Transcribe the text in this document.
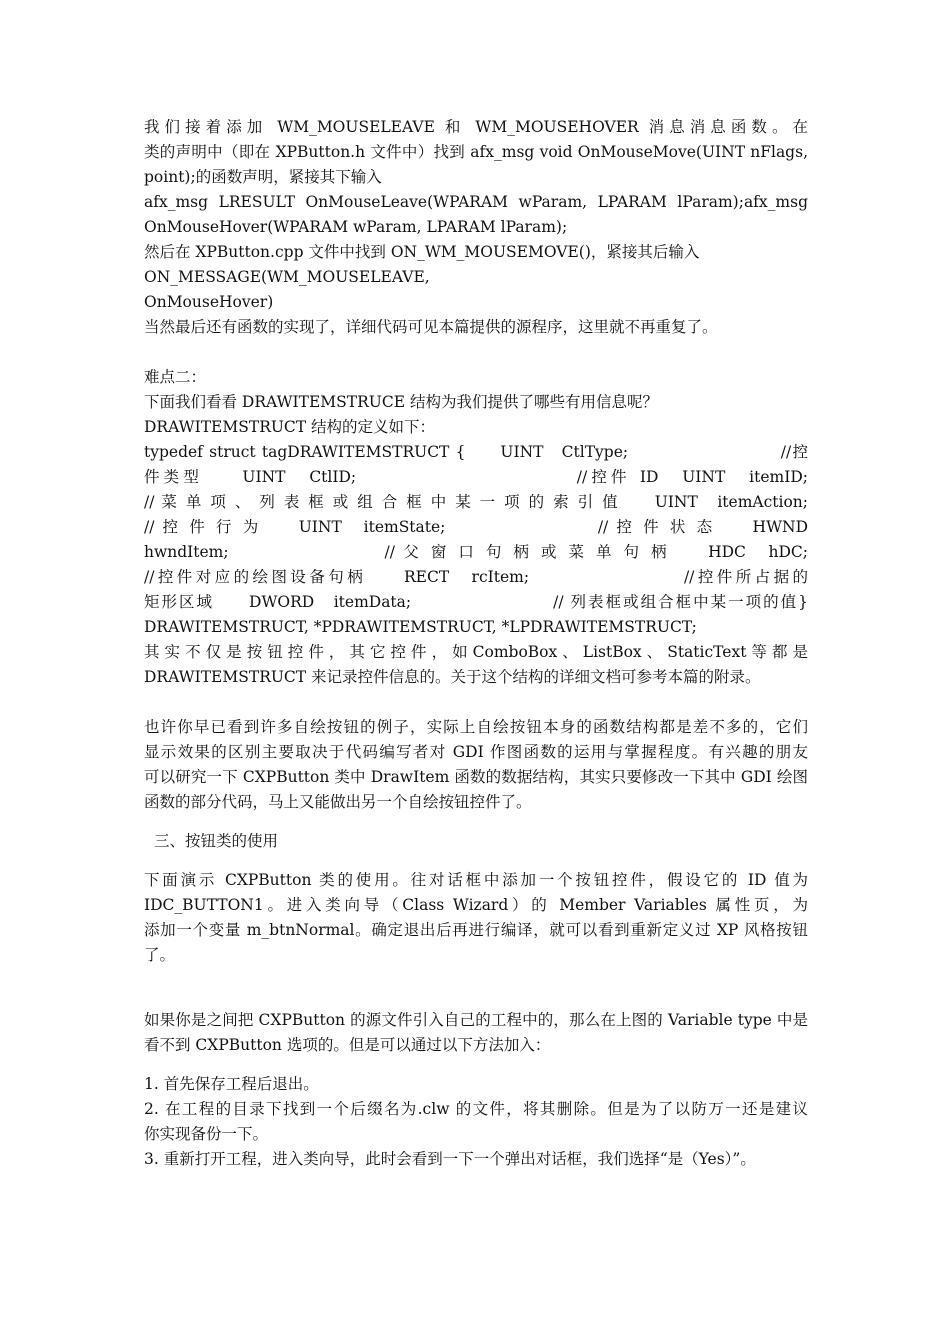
我们接着添加 WM_MOUSELEAVE 和 WM_MOUSEHOVER 消息消息函数。在
类的声明中（即在 XPButton.h 文件中）找到 afx_msg void OnMouseMove(UINT nFlags,
point);的函数声明，紧接其下输入
afx_msg LRESULT OnMouseLeave(WPARAM wParam, LPARAM lParam);afx_msg
OnMouseHover(WPARAM wParam, LPARAM lParam);
然后在 XPButton.cpp 文件中找到 ON_WM_MOUSEMOVE()，紧接其后输入
ON_MESSAGE(WM_MOUSELEAVE,
OnMouseHover)
当然最后还有函数的实现了，详细代码可见本篇提供的源程序，这里就不再重复了。
难点二：
下面我们看看 DRAWITEMSTRUCE 结构为我们提供了哪些有用信息呢？
DRAWITEMSTRUCT 结构的定义如下：
typedef struct tagDRAWITEMSTRUCT {　　UINT　CtlType;　　　　　　　　　//控
件类型　　UINT　CtlID;　　　　　　　　　　　//控件 ID　UINT　itemID;
// 菜 单 项 、 列 表 框 或 组 合 框 中 某 一 项 的 索 引 值　　UINT　itemAction;
// 控 件 行 为　　UINT　itemState;　　　　　　　　// 控 件 状 态　　HWND
hwndItem;　　　　　　　　// 父 窗 口 句 柄 或 菜 单 句 柄　　HDC　hDC;
//控件对应的绘图设备句柄　　RECT　rcItem;　　　　　　　　//控件所占据的
矩形区域　　DWORD　itemData;　　　　　　　　// 列表框或组合框中某一项的值}
DRAWITEMSTRUCT, *PDRAWITEMSTRUCT, *LPDRAWITEMSTRUCT;
其 实 不 仅 是 按 钮 控 件 ， 其 它 控 件 ， 如 ComboBox 、 ListBox 、 StaticText 等 都 是
DRAWITEMSTRUCT 来记录控件信息的。关于这个结构的详细文档可参考本篇的附录。
也许你早已看到许多自绘按钮的例子，实际上自绘按钮本身的函数结构都是差不多的，它们
显示效果的区别主要取决于代码编写者对 GDI 作图函数的运用与掌握程度。有兴趣的朋友
可以研究一下 CXPButton 类中 DrawItem 函数的数据结构，其实只要修改一下其中 GDI 绘图
函数的部分代码，马上又能做出另一个自绘按钮控件了。
三、按钮类的使用
下面演示 CXPButton 类的使用。往对话框中添加一个按钮控件，假设它的 ID 值为
IDC_BUTTON1。进入类向导（Class Wizard）的 Member Variables 属性页，为
添加一个变量 m_btnNormal。确定退出后再进行编译，就可以看到重新定义过 XP 风格按钮
了。
如果你是之间把 CXPButton 的源文件引入自己的工程中的，那么在上图的 Variable type 中是
看不到 CXPButton 选项的。但是可以通过以下方法加入：
1. 首先保存工程后退出。
2. 在工程的目录下找到一个后缀名为.clw 的文件，将其删除。但是为了以防万一还是建议
你实现备份一下。
3. 重新打开工程，进入类向导，此时会看到一下一个弹出对话框，我们选择“是（Yes）”。
